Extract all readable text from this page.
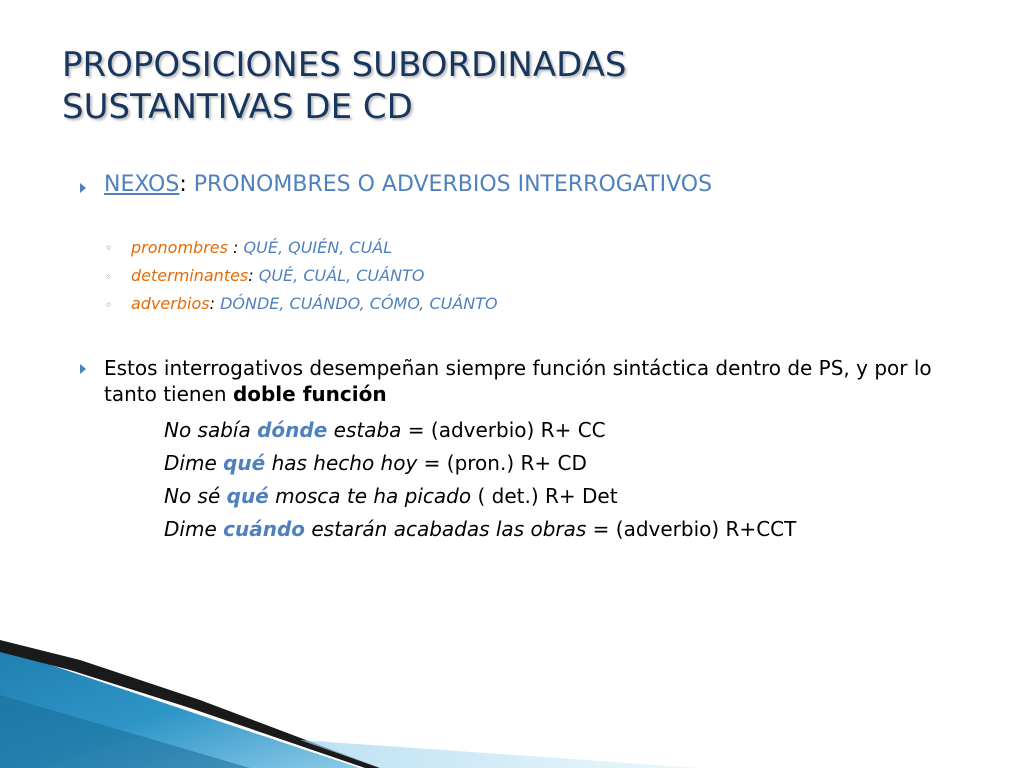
PROPOSICIONES SUBORDINADAS
SUSTANTIVAS DE CD
NEXOS: PRONOMBRES O ADVERBIOS INTERROGATIVOS
◦ pronombres : QUÉ, QUIÉN, CUÁL
◦ determinantes: QUÉ, CUÁL, CUÁNTO
◦ adverbios: DÓNDE, CUÁNDO, CÓMO, CUÁNTO
Estos interrogativos desempeñan siempre función sintáctica dentro de PS, y por lo tanto tienen doble función
No sabía dónde estaba = (adverbio) R+ CC
Dime qué has hecho hoy = (pron.) R+ CD
No sé qué mosca te ha picado ( det.) R+ Det
Dime cuándo estarán acabadas las obras = (adverbio) R+CCT
